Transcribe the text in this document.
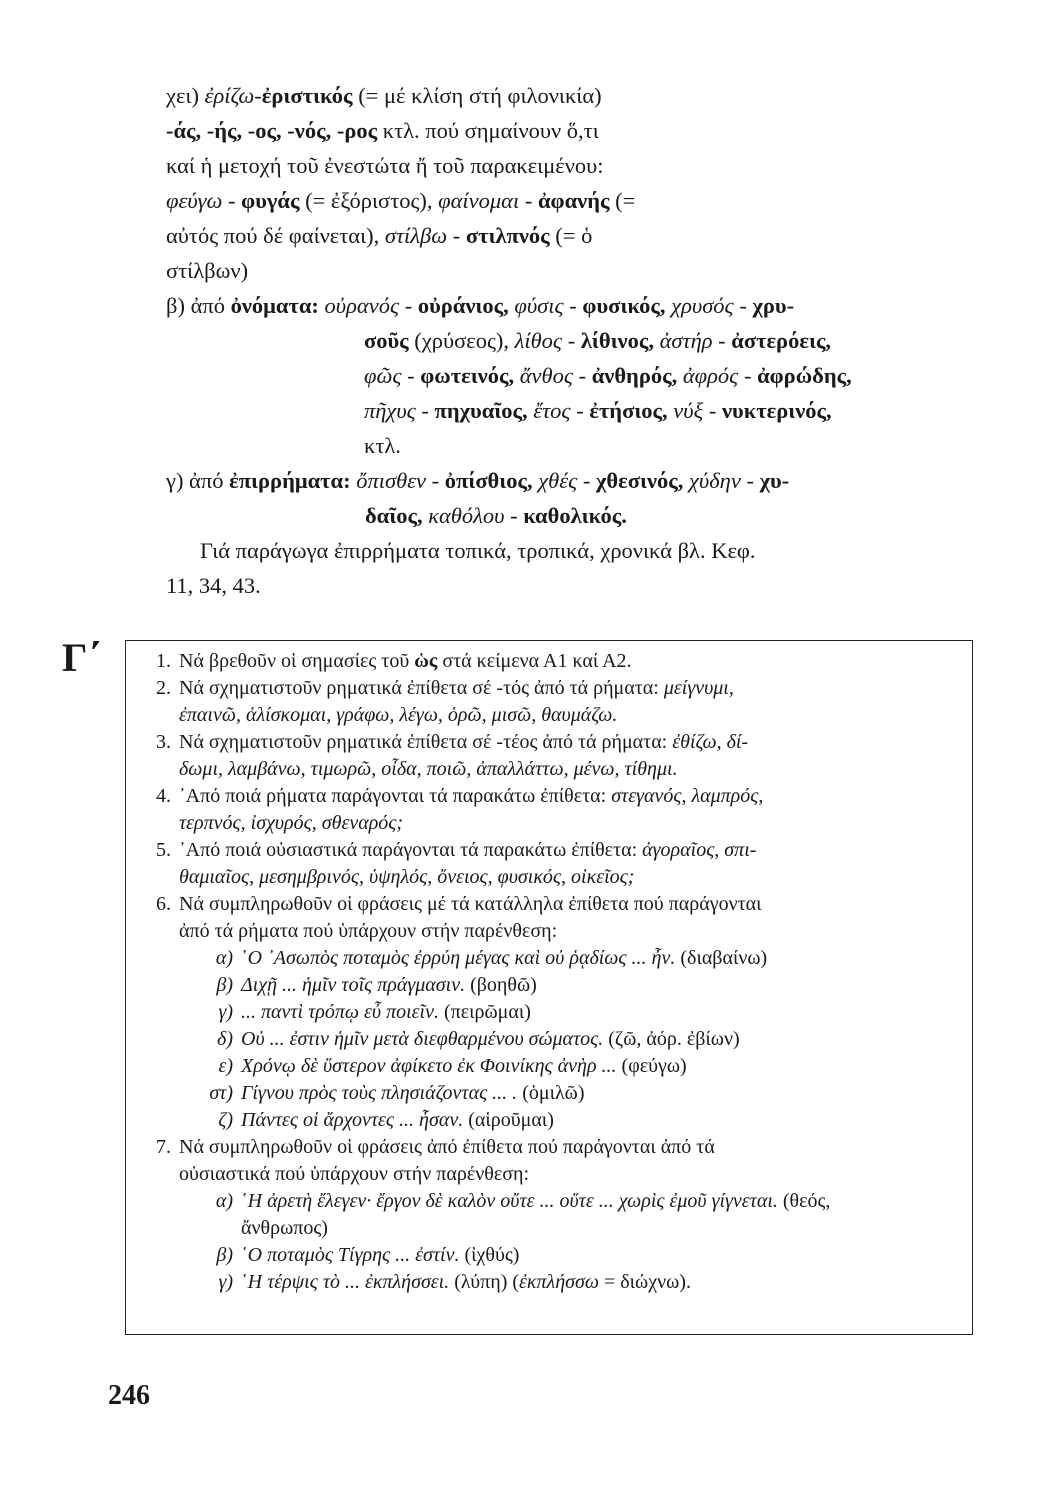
χει) ἐρίζω-ἐριστικός (= μέ κλίση στή φιλονικία)

-άς, -ής, -ος, -νός, -ρος κτλ. πού σημαίνουν ὅ,τι

καί ἡ μετοχή τοῦ ἐνεστώτα ἤ τοῦ παρακειμένου:

φεύγω - φυγάς (= ἐξόριστος), φαίνομαι - ἀφανής (=

αὐτός πού δέ φαίνεται), στίλβω - στιλπνός (= ὁ

στίλβων)

β) ἀπό ὀνόματα: οὐρανός - οὐράνιος, φύσις - φυσικός, χρυσός - χρυ-

σοῦς (χρύσεος), λίθος - λίθινος, ἀστήρ - ἀστερόεις,

φῶς - φωτεινός, ἄνθος - ἀνθηρός, ἀφρός - ἀφρώδης,

πῆχυς - πηχυαῖος, ἔτος - ἐτήσιος, νύξ - νυκτερινός,

κτλ.

γ) ἀπό ἐπιρρήματα: ὄπισθεν - ὀπίσθιος, χθές - χθεσινός, χύδην - χυ-

δαῖος, καθόλου - καθολικός.

Γιά παράγωγα ἐπιρρήματα τοπικά, τροπικά, χρονικά βλ. Κεφ.

11, 34, 43.

Γ΄	1. Νά βρεθοῦν οἱ σημασίες τοῦ ὡς στά κείμενα Α1 καί Α2.

2. Νά σχηματιστοῦν ρηματικά ἐπίθετα σέ -τός ἀπό τά ρήματα: μείγνυμι,

ἐπαινῶ, ἁλίσκομαι, γράφω, λέγω, ὁρῶ, μισῶ, θαυμάζω.

3. Νά σχηματιστοῦν ρηματικά ἐπίθετα σέ -τέος ἀπό τά ρήματα: ἐθίζω, δί-

δωμι, λαμβάνω, τιμωρῶ, οἶδα, ποιῶ, ἀπαλλάττω, μένω, τίθημι.

4. ᾿Από ποιά ρήματα παράγονται τά παρακάτω ἐπίθετα: στεγανός, λαμπρός,

τερπνός, ἰσχυρός, σθεναρός;

5. ᾿Από ποιά οὐσιαστικά παράγονται τά παρακάτω ἐπίθετα: ἀγοραῖος, σπι-

θαμιαῖος, μεσημβρινός, ὑψηλός, ὄνειος, φυσικός, οἰκεῖος;

6. Νά συμπληρωθοῦν οἱ φράσεις μέ τά κατάλληλα ἐπίθετα πού παράγονται

ἀπό τά ρήματα πού ὑπάρχουν στήν παρένθεση:

α) ῾Ο ᾿Ασωπὸς ποταμὸς ἐρρύη μέγας καὶ οὐ ῥᾳδίως ... ἦν. (διαβαίνω)

β) Διχῇ ... ἡμῖν τοῖς πράγμασιν. (βοηθῶ)

γ) ... παντὶ τρόπῳ εὖ ποιεῖν. (πειρῶμαι)

δ) Οὐ ... ἐστιν ἡμῖν μετὰ διεφθαρμένου σώματος. (ζῶ, ἀόρ. ἐβίων)

ε) Χρόνῳ δὲ ὕστερον ἀφίκετο ἐκ Φοινίκης ἀνὴρ ... (φεύγω)

στ) Γίγνου πρὸς τοὺς πλησιάζοντας ... . (ὁμιλῶ)

ζ) Πάντες οἱ ἄρχοντες ... ἦσαν. (αἱροῦμαι)

7. Νά συμπληρωθοῦν οἱ φράσεις ἀπό ἐπίθετα πού παράγονται ἀπό τά

οὐσιαστικά πού ὑπάρχουν στήν παρένθεση:

α) ῾Η ἀρετὴ ἔλεγεν· ἔργον δὲ καλὸν οὔτε ... οὔτε ... χωρὶς ἐμοῦ γίγνεται. (θεός,

ἄνθρωπος)

β) ῾Ο ποταμὸς Τίγρης ... ἐστίν. (ἰχθύς)

γ) ῾Η τέρψις τὸ ... ἐκπλήσσει. (λύπη) (ἐκπλήσσω = διώχνω).

246
